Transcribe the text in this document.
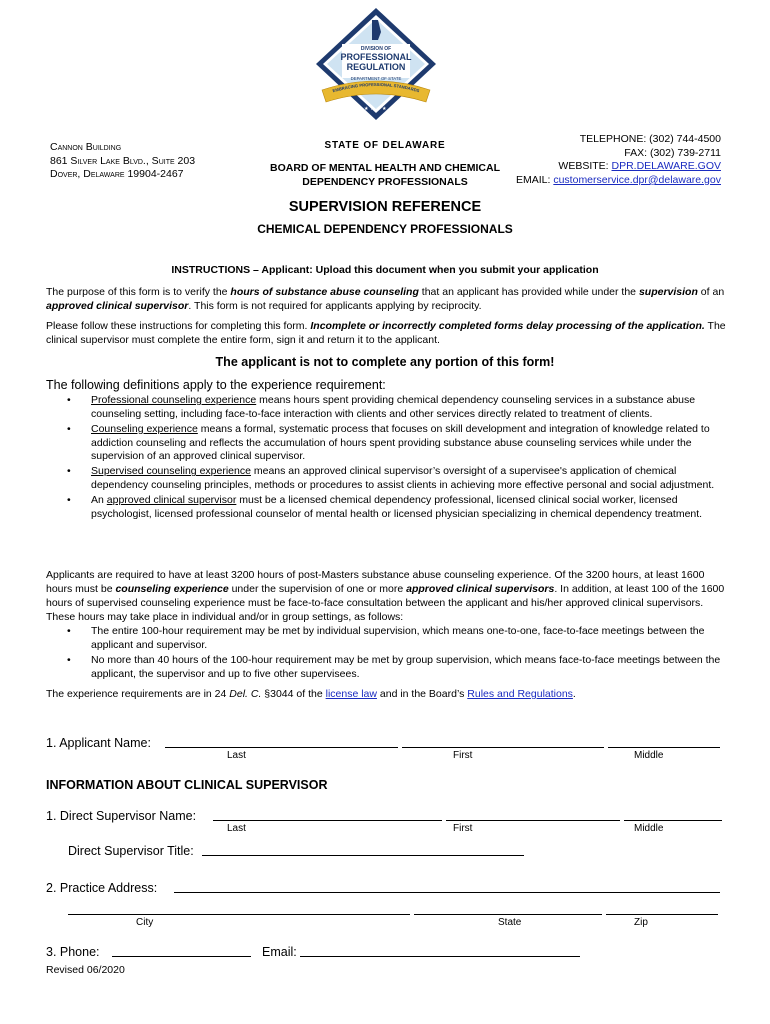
DIVISION OF
PROFESSIONAL
REGULATION
DEPARTMENT OF STATE
EMBRACING PROFESSIONAL STANDARDS
★ ★ ★ ★
Cannon Building
861 Silver Lake Blvd., Suite 203
Dover, Delaware 19904-2467
STATE OF DELAWARE
BOARD OF MENTAL HEALTH AND CHEMICAL
DEPENDENCY PROFESSIONALS
TELEPHONE: (302) 744-4500
FAX: (302) 739-2711
WEBSITE: DPR.DELAWARE.GOV
EMAIL: customerservice.dpr@delaware.gov
SUPERVISION REFERENCE
CHEMICAL DEPENDENCY PROFESSIONALS
INSTRUCTIONS – Applicant: Upload this document when you submit your application
The purpose of this form is to verify the hours of substance abuse counseling that an applicant has provided while under the supervision of an approved clinical supervisor. This form is not required for applicants applying by reciprocity.
Please follow these instructions for completing this form. Incomplete or incorrectly completed forms delay processing of the application. The clinical supervisor must complete the entire form, sign it and return it to the applicant.
The applicant is not to complete any portion of this form!
The following definitions apply to the experience requirement:
• Professional counseling experience means hours spent providing chemical dependency counseling services in a substance abuse counseling setting, including face-to-face interaction with clients and other services directly related to treatment of clients.
• Counseling experience means a formal, systematic process that focuses on skill development and integration of knowledge related to addiction counseling and reflects the accumulation of hours spent providing substance abuse counseling services while under the supervision of an approved clinical supervisor.
• Supervised counseling experience means an approved clinical supervisor’s oversight of a supervisee's application of chemical dependency counseling principles, methods or procedures to assist clients in achieving more effective personal and social adjustment.
• An approved clinical supervisor must be a licensed chemical dependency professional, licensed clinical social worker, licensed psychologist, licensed professional counselor of mental health or licensed physician specializing in chemical dependency treatment.
Applicants are required to have at least 3200 hours of post-Masters substance abuse counseling experience. Of the 3200 hours, at least 1600 hours must be counseling experience under the supervision of one or more approved clinical supervisors. In addition, at least 100 of the 1600 hours of supervised counseling experience must be face-to-face consultation between the applicant and his/her approved clinical supervisors. These hours may take place in individual and/or in group settings, as follows:
• The entire 100-hour requirement may be met by individual supervision, which means one-to-one, face-to-face meetings between the applicant and supervisor.
• No more than 40 hours of the 100-hour requirement may be met by group supervision, which means face-to-face meetings between the applicant, the supervisor and up to five other supervisees.
The experience requirements are in 24 Del. C. §3044 of the license law and in the Board’s Rules and Regulations.
1. Applicant Name:
Last	First	Middle
INFORMATION ABOUT CLINICAL SUPERVISOR
1. Direct Supervisor Name:
Last	First	Middle
Direct Supervisor Title:
2. Practice Address:
City	State	Zip
3. Phone:	Email:
Revised 06/2020
